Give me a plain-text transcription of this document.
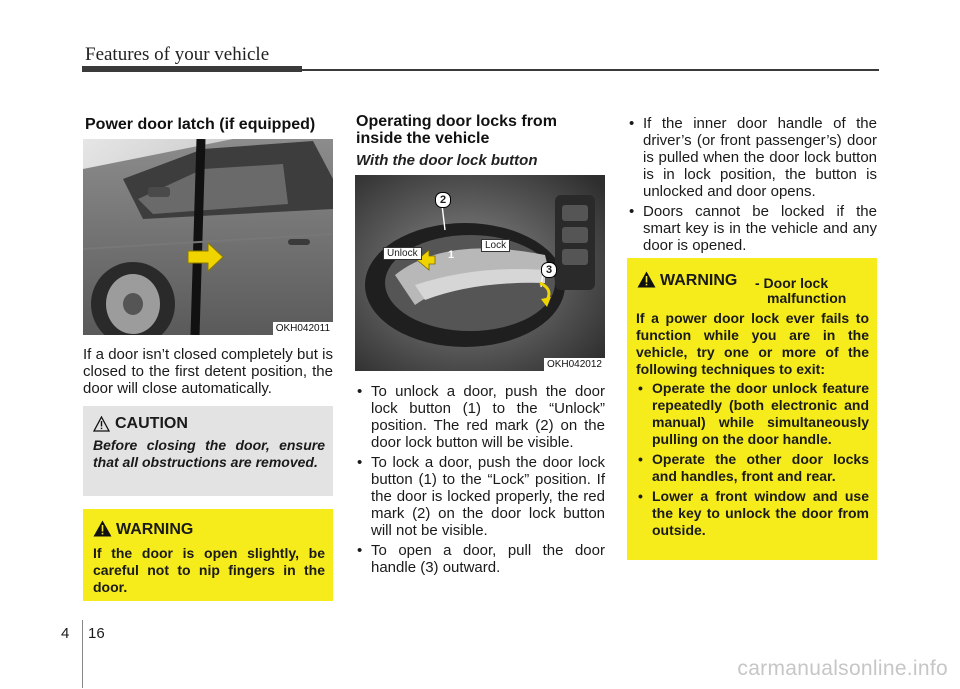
Features of your vehicle
Power door latch (if equipped)
OKH042011
If a door isn’t closed completely but is closed to the first detent position, the door will close automatically.
CAUTION
Before closing the door, ensure that all obstructions are removed.
WARNING
If the door is open slightly, be careful not to nip fingers in the door.
Operating door locks from
inside the vehicle
With the door lock button
2
3
Unlock
Lock
1
OKH042012
• To unlock a door, push the door lock button (1) to the “Unlock” position. The red mark (2) on the door lock button will be visible.
• To lock a door, push the door lock button (1) to the “Lock” position. If the door is locked properly, the red mark (2) on the door lock button will not be visible.
• To open a door, pull the door handle (3) outward.
• If the inner door handle of the driver’s (or front passenger’s) door is pulled when the door lock button is in lock position, the button is unlocked and door opens.
• Doors cannot be locked if the smart key is in the vehicle and any door is opened.
WARNING - Door lock
malfunction
If a power door lock ever fails to function while you are in the vehicle, try one or more of the following techniques to exit:
• Operate the door unlock feature repeatedly (both electronic and manual) while simultaneously pulling on the door handle.
• Operate the other door locks and handles, front and rear.
• Lower a front window and use the key to unlock the door from outside.
4 16
carmanualsonline.info
